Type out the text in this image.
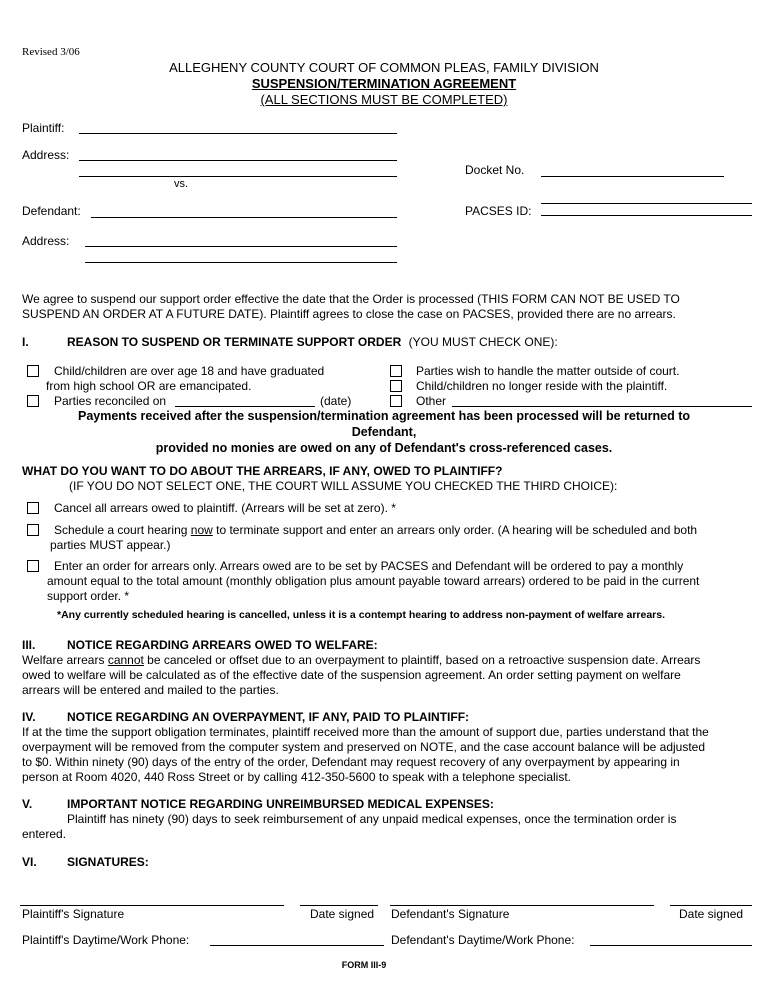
Revised 3/06
ALLEGHENY COUNTY COURT OF COMMON PLEAS, FAMILY DIVISION
SUSPENSION/TERMINATION AGREEMENT
(ALL SECTIONS MUST BE COMPLETED)
Plaintiff:
Address:
vs.
Docket No.
Defendant:	PACSES ID:
Address:
We agree to suspend our support order effective the date that the Order is processed (THIS FORM CAN NOT BE USED TO
SUSPEND AN ORDER AT A FUTURE DATE). Plaintiff agrees to close the case on PACSES, provided there are no arrears.
I.	REASON TO SUSPEND OR TERMINATE SUPPORT ORDER (YOU MUST CHECK ONE):
Child/children are over age 18 and have graduated
from high school OR are emancipated.
Parties reconciled on	(date)
Parties wish to handle the matter outside of court.
Child/children no longer reside with the plaintiff.
Other
Payments received after the suspension/termination agreement has been processed will be returned to
Defendant,
provided no monies are owed on any of Defendant's cross-referenced cases.
WHAT DO YOU WANT TO DO ABOUT THE ARREARS, IF ANY, OWED TO PLAINTIFF?
(IF YOU DO NOT SELECT ONE, THE COURT WILL ASSUME YOU CHECKED THE THIRD CHOICE):
Cancel all arrears owed to plaintiff. (Arrears will be set at zero). *
Schedule a court hearing now to terminate support and enter an arrears only order. (A hearing will be scheduled and both
parties MUST appear.)
Enter an order for arrears only. Arrears owed are to be set by PACSES and Defendant will be ordered to pay a monthly
amount equal to the total amount (monthly obligation plus amount payable toward arrears) ordered to be paid in the current
support order. *
*Any currently scheduled hearing is cancelled, unless it is a contempt hearing to address non-payment of welfare arrears.
III.	NOTICE REGARDING ARREARS OWED TO WELFARE:
Welfare arrears cannot be canceled or offset due to an overpayment to plaintiff, based on a retroactive suspension date. Arrears
owed to welfare will be calculated as of the effective date of the suspension agreement. An order setting payment on welfare
arrears will be entered and mailed to the parties.
IV.	NOTICE REGARDING AN OVERPAYMENT, IF ANY, PAID TO PLAINTIFF:
If at the time the support obligation terminates, plaintiff received more than the amount of support due, parties understand that the
overpayment will be removed from the computer system and preserved on NOTE, and the case account balance will be adjusted
to $0. Within ninety (90) days of the entry of the order, Defendant may request recovery of any overpayment by appearing in
person at Room 4020, 440 Ross Street or by calling 412-350-5600 to speak with a telephone specialist.
V.	IMPORTANT NOTICE REGARDING UNREIMBURSED MEDICAL EXPENSES:
Plaintiff has ninety (90) days to seek reimbursement of any unpaid medical expenses, once the termination order is
entered.
VI.	SIGNATURES:
Plaintiff's Signature	Date signed Defendant's Signature	Date signed
Plaintiff's Daytime/Work Phone:	Defendant's Daytime/Work Phone:
FORM III-9
